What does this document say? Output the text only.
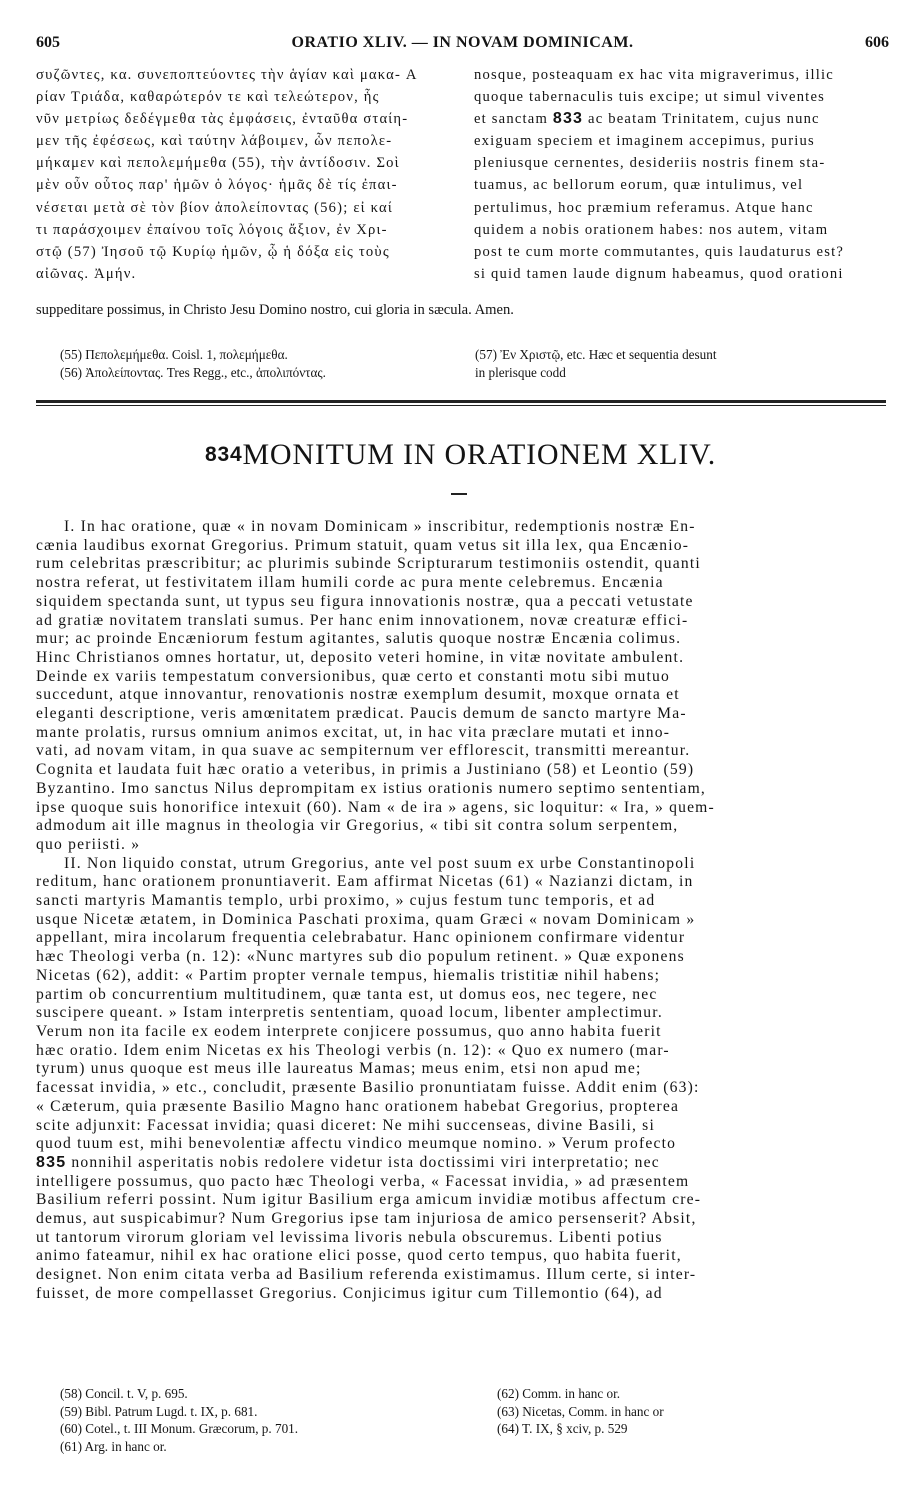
605	ORATIO XLIV. — IN NOVAM DOMINICAM.	606
συζῶντες, κα. συνεποπτεύοντες τὴν ἁγίαν καὶ μακα- A
ρίαν Τριάδα, καθαρώτερόν τε καὶ τελεώτερον, ἧς
νῦν μετρίως δεδέγμεθα τὰς ἐμφάσεις, ἐνταῦθα σταίη-
μεν τῆς ἐφέσεως, καὶ ταύτην λάβοιμεν, ὧν πεπολε-
μήκαμεν καὶ πεπολεμήμεθα (55), τὴν ἀντίδοσιν. Σοὶ
μὲν οὖν οὗτος παρ' ἡμῶν ὁ λόγος· ἡμᾶς δὲ τίς ἐπαι-
νέσεται μετὰ σὲ τὸν βίον ἀπολείποντας (56); εἰ καί
τι παράσχοιμεν ἐπαίνου τοῖς λόγοις ἄξιον, ἐν Χρι-
στῷ (57) Ἰησοῦ τῷ Κυρίῳ ἡμῶν, ᾧ ἡ δόξα εἰς τοὺς
αἰῶνας. Ἀμήν.
nosque, posteaquam ex hac vita migraverimus, illic
quoque tabernaculis tuis excipe; ut simul viventes
et sanctam 833 ac beatam Trinitatem, cujus nunc
exiguam speciem et imaginem accepimus, purius
pleniusque cernentes, desideriis nostris finem sta-
tuamus, ac bellorum eorum, quæ intulimus, vel
pertulimus, hoc præmium referamus. Atque hanc
quidem a nobis orationem habes: nos autem, vitam
post te cum morte commutantes, quis laudaturus est?
si quid tamen laude dignum habeamus, quod orationi
suppeditare possimus, in Christo Jesu Domino nostro, cui gloria in sæcula. Amen.
(55) Πεπολεμήμεθα. Coisl. 1, πολεμήμεθα.
(56) Ἀπολείποντας. Tres Regg., etc., ἀπολιπόντας.
(57) Ἐν Χριστῷ, etc. Hæc et sequentia desunt
in plerisque codd
834MONITUM IN ORATIONEM XLIV.
I. In hac oratione, quæ « in novam Dominicam » inscribitur, redemptionis nostræ En-
cænia laudibus exornat Gregorius. Primum statuit, quam vetus sit illa lex, qua Encænio-
rum celebritas præscribitur; ac plurimis subinde Scripturarum testimoniis ostendit, quanti
nostra referat, ut festivitatem illam humili corde ac pura mente celebremus. Encænia
siquidem spectanda sunt, ut typus seu figura innovationis nostræ, qua a peccati vetustate
ad gratiæ novitatem translati sumus. Per hanc enim innovationem, novæ creaturæ effici-
mur; ac proinde Encæniorum festum agitantes, salutis quoque nostræ Encænia colimus.
Hinc Christianos omnes hortatur, ut, deposito veteri homine, in vitæ novitate ambulent.
Deinde ex variis tempestatum conversionibus, quæ certo et constanti motu sibi mutuo
succedunt, atque innovantur, renovationis nostræ exemplum desumit, moxque ornata et
eleganti descriptione, veris amœnitatem prædicat. Paucis demum de sancto martyre Ma-
mante prolatis, rursus omnium animos excitat, ut, in hac vita præclare mutati et inno-
vati, ad novam vitam, in qua suave ac sempiternum ver efflorescit, transmitti mereantur.
Cognita et laudata fuit hæc oratio a veteribus, in primis a Justiniano (58) et Leontio (59)
Byzantino. Imo sanctus Nilus deprompitam ex istius orationis numero septimo sententiam,
ipse quoque suis honorifice intexuit (60). Nam « de ira » agens, sic loquitur: « Ira, » quem-
admodum ait ille magnus in theologia vir Gregorius, « tibi sit contra solum serpentem,
quo periisti. »
II. Non liquido constat, utrum Gregorius, ante vel post suum ex urbe Constantinopoli
reditum, hanc orationem pronuntiaverit. Eam affirmat Nicetas (61) « Nazianzi dictam, in
sancti martyris Mamantis templo, urbi proximo, » cujus festum tunc temporis, et ad
usque Nicetæ ætatem, in Dominica Paschati proxima, quam Græci « novam Dominicam »
appellant, mira incolarum frequentia celebrabatur. Hanc opinionem confirmare videntur
hæc Theologi verba (n. 12): «Nunc martyres sub dio populum retinent. » Quæ exponens
Nicetas (62), addit: « Partim propter vernale tempus, hiemalis tristitiæ nihil habens;
partim ob concurrentium multitudinem, quæ tanta est, ut domus eos, nec tegere, nec
suscipere queant. » Istam interpretis sententiam, quoad locum, libenter amplectimur.
Verum non ita facile ex eodem interprete conjicere possumus, quo anno habita fuerit
hæc oratio. Idem enim Nicetas ex his Theologi verbis (n. 12): « Quo ex numero (mar-
tyrum) unus quoque est meus ille laureatus Mamas; meus enim, etsi non apud me;
facessat invidia, » etc., concludit, præsente Basilio pronuntiatam fuisse. Addit enim (63):
« Cæterum, quia præsente Basilio Magno hanc orationem habebat Gregorius, propterea
scite adjunxit: Facessat invidia; quasi diceret: Ne mihi succenseas, divine Basili, si
quod tuum est, mihi benevolentiæ affectu vindico meumque nomino. » Verum profecto
835 nonnihil asperitatis nobis redolere videtur ista doctissimi viri interpretatio; nec
intelligere possumus, quo pacto hæc Theologi verba, « Facessat invidia, » ad præsentem
Basilium referri possint. Num igitur Basilium erga amicum invidiæ motibus affectum cre-
demus, aut suspicabimur? Num Gregorius ipse tam injuriosa de amico persenserit? Absit,
ut tantorum virorum gloriam vel levissima livoris nebula obscuremus. Libenti potius
animo fateamur, nihil ex hac oratione elici posse, quod certo tempus, quo habita fuerit,
designet. Non enim citata verba ad Basilium referenda existimamus. Illum certe, si inter-
fuisset, de more compellasset Gregorius. Conjicimus igitur cum Tillemontio (64), ad
(58) Concil. t. V, p. 695.
(59) Bibl. Patrum Lugd. t. IX, p. 681.
(60) Cotel., t. III Monum. Græcorum, p. 701.
(61) Arg. in hanc or.
(62) Comm. in hanc or.
(63) Nicetas, Comm. in hanc or
(64) T. IX, § xciv, p. 529
